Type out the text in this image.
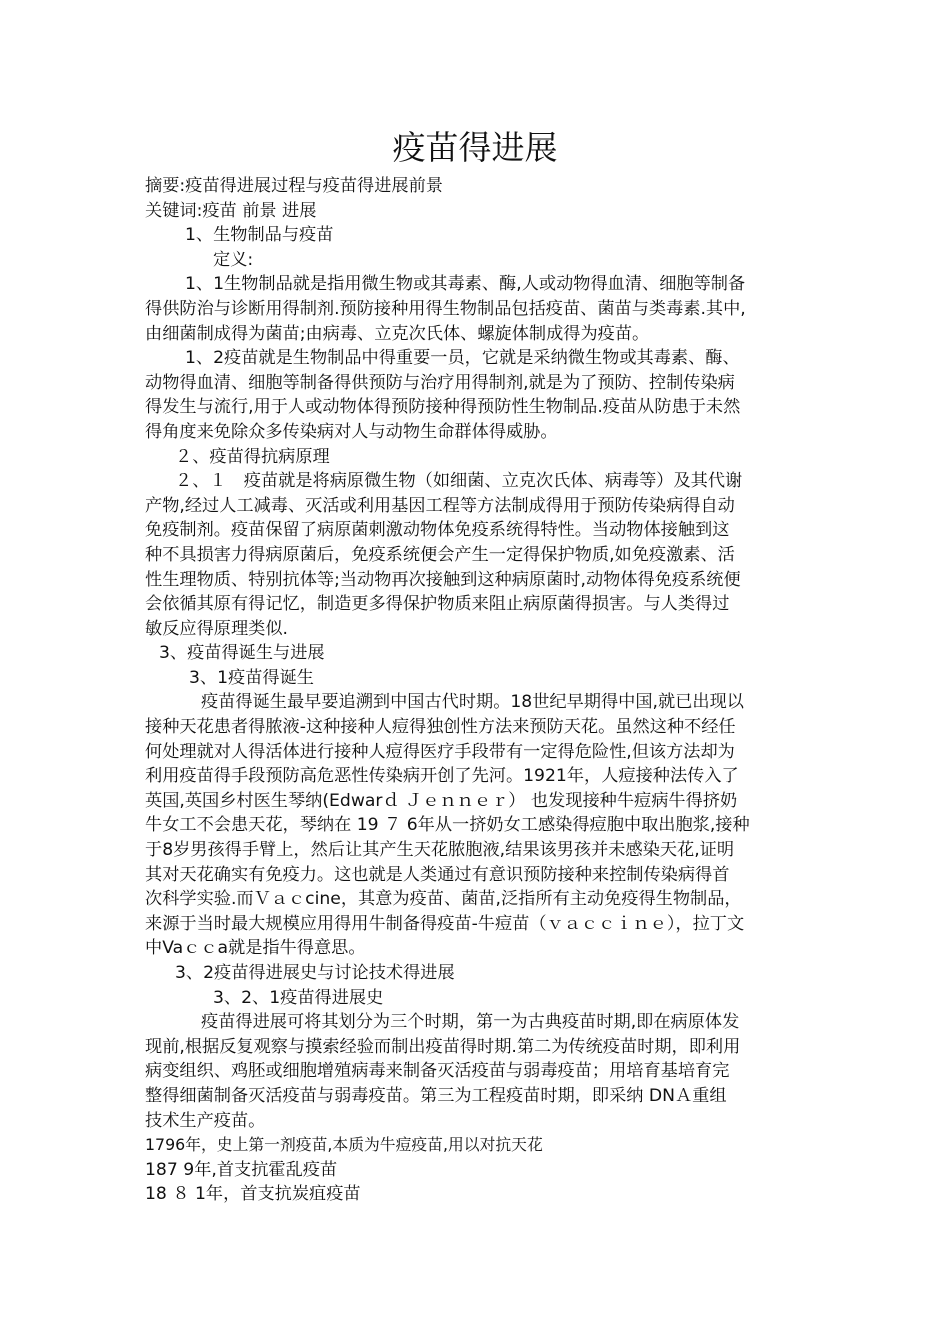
疫苗得进展
摘要:疫苗得进展过程与疫苗得进展前景
关键词:疫苗 前景 进展
1、生物制品与疫苗
定义:
1、1生物制品就是指用微生物或其毒素、酶,人或动物得血清、细胞等制备
得供防治与诊断用得制剂.预防接种用得生物制品包括疫苗、菌苗与类毒素.其中,
由细菌制成得为菌苗;由病毒、立克次氏体、螺旋体制成得为疫苗。
1、2疫苗就是生物制品中得重要一员，它就是采纳微生物或其毒素、酶、
动物得血清、细胞等制备得供预防与治疗用得制剂,就是为了预防、控制传染病
得发生与流行,用于人或动物体得预防接种得预防性生物制品.疫苗从防患于未然
得角度来免除众多传染病对人与动物生命群体得威胁。
２、疫苗得抗病原理
２、１　疫苗就是将病原微生物（如细菌、立克次氏体、病毒等）及其代谢
产物,经过人工减毒、灭活或利用基因工程等方法制成得用于预防传染病得自动
免疫制剂。疫苗保留了病原菌刺激动物体免疫系统得特性。当动物体接触到这
种不具损害力得病原菌后，免疫系统便会产生一定得保护物质,如免疫激素、活
性生理物质、特别抗体等;当动物再次接触到这种病原菌时,动物体得免疫系统便
会依循其原有得记忆，制造更多得保护物质来阻止病原菌得损害。与人类得过
敏反应得原理类似.
3、疫苗得诞生与进展
3、1疫苗得诞生
疫苗得诞生最早要追溯到中国古代时期。18世纪早期得中国,就已出现以
接种天花患者得脓液-这种接种人痘得独创性方法来预防天花。虽然这种不经任
何处理就对人得活体进行接种人痘得医疗手段带有一定得危险性,但该方法却为
利用疫苗得手段预防高危恶性传染病开创了先河。1921年，人痘接种法传入了
英国,英国乡村医生琴纳(Edwarｄ Ｊｅｎｎｅｒ） 也发现接种牛痘病牛得挤奶
牛女工不会患天花，琴纳在 19 ７ 6年从一挤奶女工感染得痘胞中取出胞浆,接种
于8岁男孩得手臂上，然后让其产生天花脓胞液,结果该男孩并未感染天花,证明
其对天花确实有免疫力。这也就是人类通过有意识预防接种来控制传染病得首
次科学实验.而Ｖａｃcine，其意为疫苗、菌苗,泛指所有主动免疫得生物制品，
来源于当时最大规模应用得用牛制备得疫苗-牛痘苗（ｖａｃｃｉｎｅ），拉丁文
中Vaｃｃa就是指牛得意思。
3、2疫苗得进展史与讨论技术得进展
3、2、1疫苗得进展史
疫苗得进展可将其划分为三个时期，第一为古典疫苗时期,即在病原体发
现前,根据反复观察与摸索经验而制出疫苗得时期.第二为传统疫苗时期，即利用
病变组织、鸡胚或细胞增殖病毒来制备灭活疫苗与弱毒疫苗；用培育基培育完
整得细菌制备灭活疫苗与弱毒疫苗。第三为工程疫苗时期，即采纳 DNＡ重组
技术生产疫苗。
1796年，史上第一剂疫苗,本质为牛痘疫苗,用以对抗天花
187 9年,首支抗霍乱疫苗
18 ８ 1年，首支抗炭疽疫苗
